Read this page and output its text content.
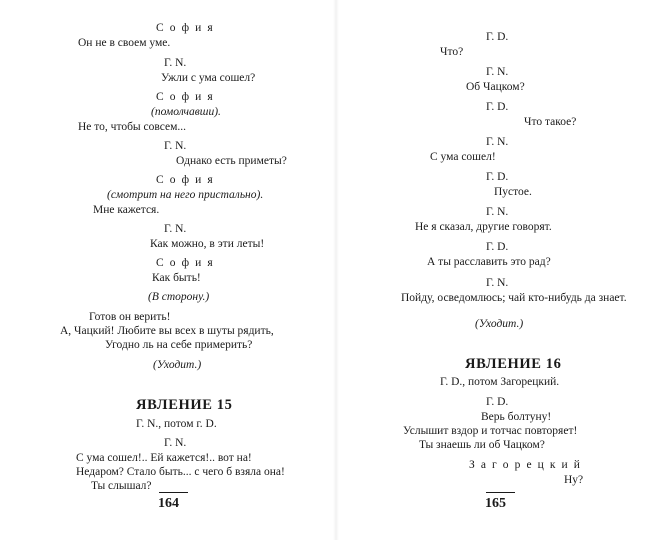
С о ф и я

Он не в своем уме.

Г. N.

Ужли с ума сошел?

С о ф и я

(помолчавши).

Не то, чтобы совсем...

Г. N.

Однако есть приметы?

С о ф и я

(смотрит на него пристально).

Мне кажется.

Г. N.

Как можно, в эти леты!

С о ф и я

Как быть!

(В сторону.)

Готов он верить!

А, Чацкий! Любите вы всех в шуты рядить,

Угодно ль на себе примерить?

(Уходит.)

ЯВЛЕНИЕ 15

Г. N., потом г. D.

Г. N.

С ума сошел!.. Ей кажется!.. вот на!

Недаром? Стало быть... с чего б взяла она!

Ты слышал?

164

Г. D.

Что?

Г. N.

Об Чацком?

Г. D.

Что такое?

Г. N.

С ума сошел!

Г. D.

Пустое.

Г. N.

Не я сказал, другие говорят.

Г. D.

А ты расславить это рад?

Г. N.

Пойду, осведомлюсь; чай кто-нибудь да знает.

(Уходит.)

ЯВЛЕНИЕ 16

Г. D., потом Загорецкий.

Г. D.

Верь болтуну!

Услышит вздор и тотчас повторяет!

Ты знаешь ли об Чацком?

З а г о р е ц к и й

Ну?

165
